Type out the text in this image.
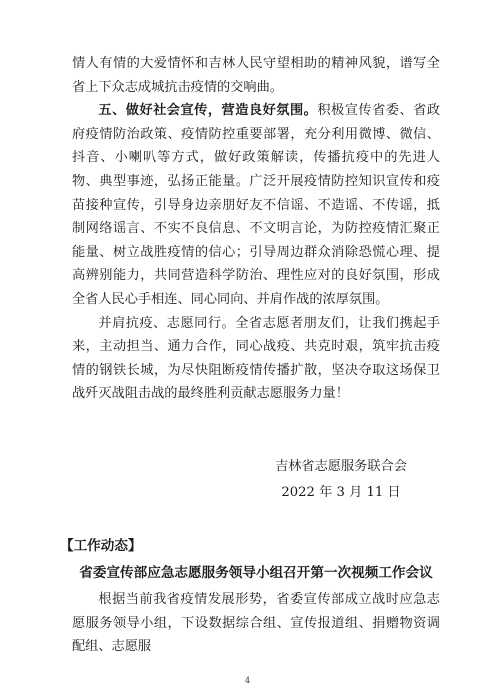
情人有情的大爱情怀和吉林人民守望相助的精神风貌，谱写全省上下众志成城抗击疫情的交响曲。

五、做好社会宣传，营造良好氛围。积极宣传省委、省政府疫情防治政策、疫情防控重要部署，充分利用微博、微信、抖音、小喇叭等方式，做好政策解读，传播抗疫中的先进人物、典型事迹，弘扬正能量。广泛开展疫情防控知识宣传和疫苗接种宣传，引导身边亲朋好友不信谣、不造谣、不传谣，抵制网络谣言、不实不良信息、不文明言论，为防控疫情汇聚正能量、树立战胜疫情的信心；引导周边群众消除恐慌心理、提高辨别能力，共同营造科学防治、理性应对的良好氛围，形成全省人民心手相连、同心同向、并肩作战的浓厚氛围。

并肩抗疫、志愿同行。全省志愿者朋友们，让我们携起手来，主动担当、通力合作，同心战疫、共克时艰，筑牢抗击疫情的钢铁长城，为尽快阻断疫情传播扩散，坚决夺取这场保卫战歼灭战阻击战的最终胜利贡献志愿服务力量！

吉林省志愿服务联合会
2022 年 3 月 11 日
【工作动态】
省委宣传部应急志愿服务领导小组召开第一次视频工作会议

根据当前我省疫情发展形势，省委宣传部成立战时应急志愿服务领导小组，下设数据综合组、宣传报道组、捐赠物资调配组、志愿服

4
